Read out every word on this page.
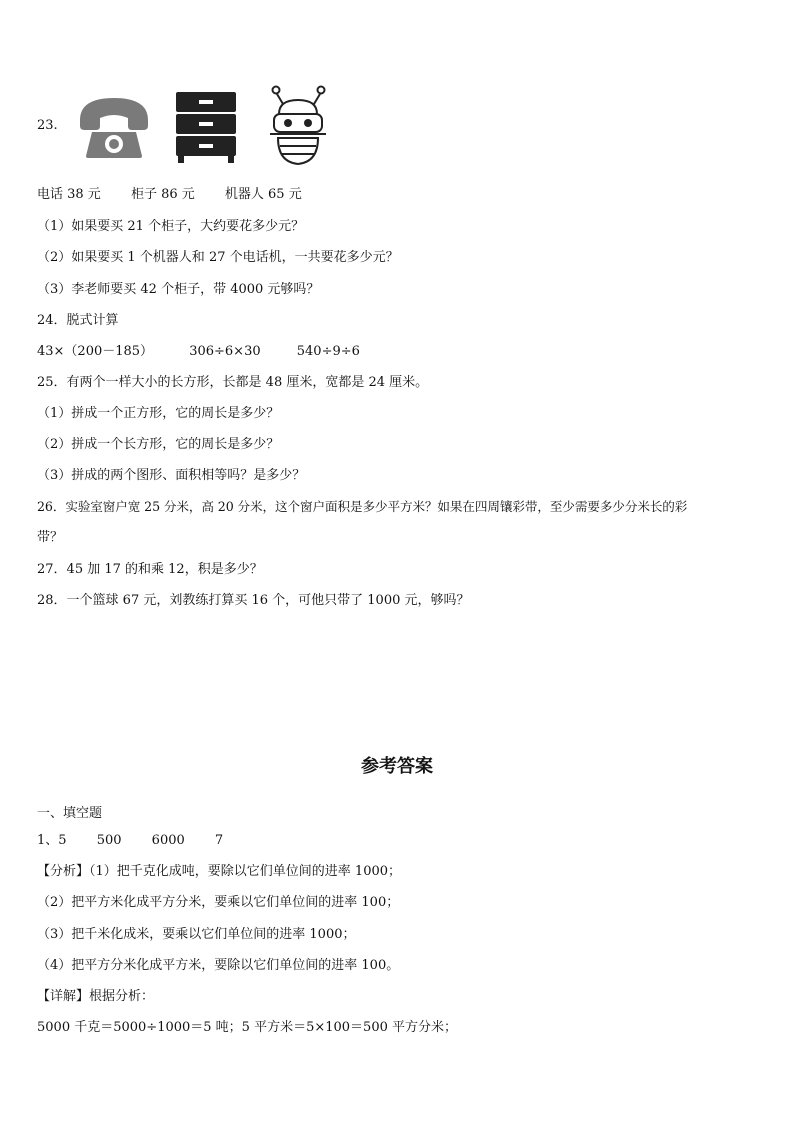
23.
电话 38 元 柜子 86 元 机器人 65 元
（1）如果要买 21 个柜子，大约要花多少元？
（2）如果要买 1 个机器人和 27 个电话机，一共要花多少元？
（3）李老师要买 42 个柜子，带 4000 元够吗？
24．脱式计算
43×（200－185）	306÷6×30	540÷9÷6
25．有两个一样大小的长方形，长都是 48 厘米，宽都是 24 厘米。
（1）拼成一个正方形，它的周长是多少？
（2）拼成一个长方形，它的周长是多少？
（3）拼成的两个图形、面积相等吗？是多少？
26．实验室窗户宽 25 分米，高 20 分米，这个窗户面积是多少平方米？如果在四周镶彩带，至少需要多少分米长的彩
带？
27．45 加 17 的和乘 12，积是多少？
28．一个篮球 67 元，刘教练打算买 16 个，可他只带了 1000 元，够吗？
参考答案
一、填空题
1、5 500 6000 7
【分析】（1）把千克化成吨，要除以它们单位间的进率 1000；
（2）把平方米化成平方分米，要乘以它们单位间的进率 100；
（3）把千米化成米，要乘以它们单位间的进率 1000；
（4）把平方分米化成平方米，要除以它们单位间的进率 100。
【详解】根据分析：
5000 千克＝5000÷1000＝5 吨；5 平方米＝5×100＝500 平方分米；
